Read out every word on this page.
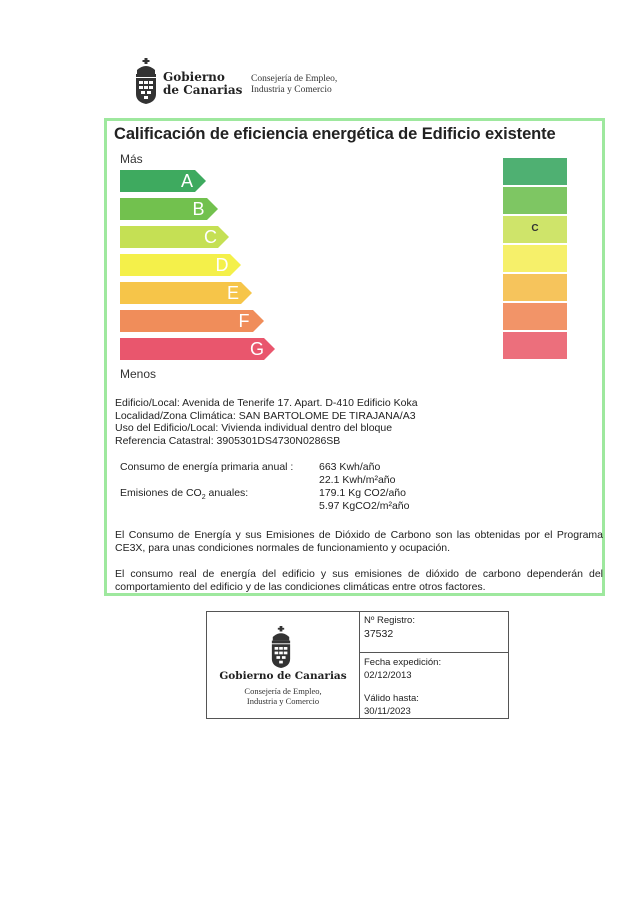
Gobierno
de Canarias
Consejería de Empleo,
Industria y Comercio
Calificación de eficiencia energética de Edificio existente
Más
A
B
C
D
E
F
G
C
Menos
Edificio/Local: Avenida de Tenerife 17. Apart. D-410 Edificio Koka
Localidad/Zona Climática: SAN BARTOLOME DE TIRAJANA/A3
Uso del Edificio/Local: Vivienda individual dentro del bloque
Referencia Catastral: 3905301DS4730N0286SB
Consumo de energía primaria anual : 663 Kwh/año
22.1 Kwh/m²año
Emisiones de $CO_2$ anuales:	179.1 Kg CO2/año
5.97 KgCO2/m²año
El Consumo de Energía y sus Emisiones de Dióxido de Carbono son las obtenidas por el Programa CE3X, para unas condiciones normales de funcionamiento y ocupación.
El consumo real de energía del edificio y sus emisiones de dióxido de carbono dependerán del comportamiento del edificio y de las condiciones climáticas entre otros factores.
Gobierno de Canarias
Consejería de Empleo,
Industria y Comercio
Nº Registro:
37532
Fecha expedición:
02/12/2013
Válido hasta:
30/11/2023
